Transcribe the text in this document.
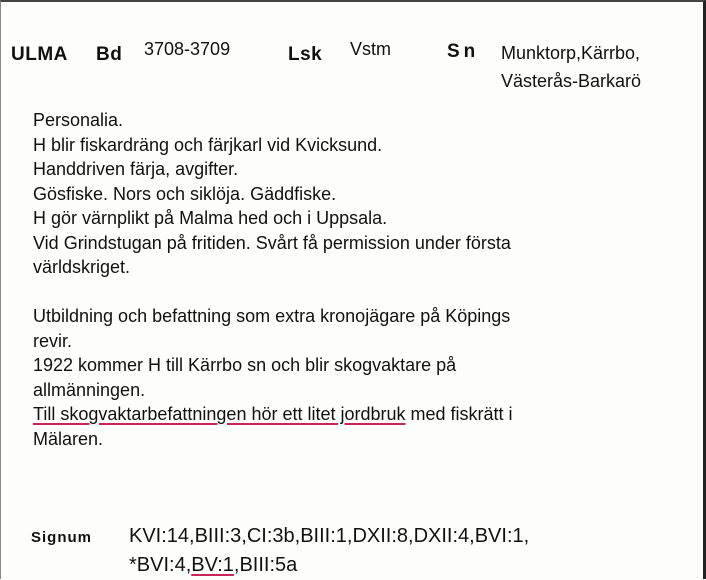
ULMA Bd 3708-3709	Lsk Vstm	Sn Munktorp,Kärrbo,
Västerås-Barkarö

Personalia.

H blir fiskardräng och färjkarl vid Kvicksund.

Handdriven färja, avgifter.

Gösfiske. Nors och siklöja. Gäddfiske.

H gör värnplikt på Malma hed och i Uppsala.

Vid Grindstugan på fritiden. Svårt få permission under första

världskriget.

Utbildning och befattning som extra kronojägare på Köpings

revir.

1922 kommer H till Kärrbo sn och blir skogvaktare på

allmänningen.

Till skogvaktarbefattningen hör ett litet jordbruk med fiskrätt i

Mälaren.

Signum KVI:14,BIII:3,CI:3b,BIII:1,DXII:8,DXII:4,BVI:1,
*BVI:4,BV:1,BIII:5a
